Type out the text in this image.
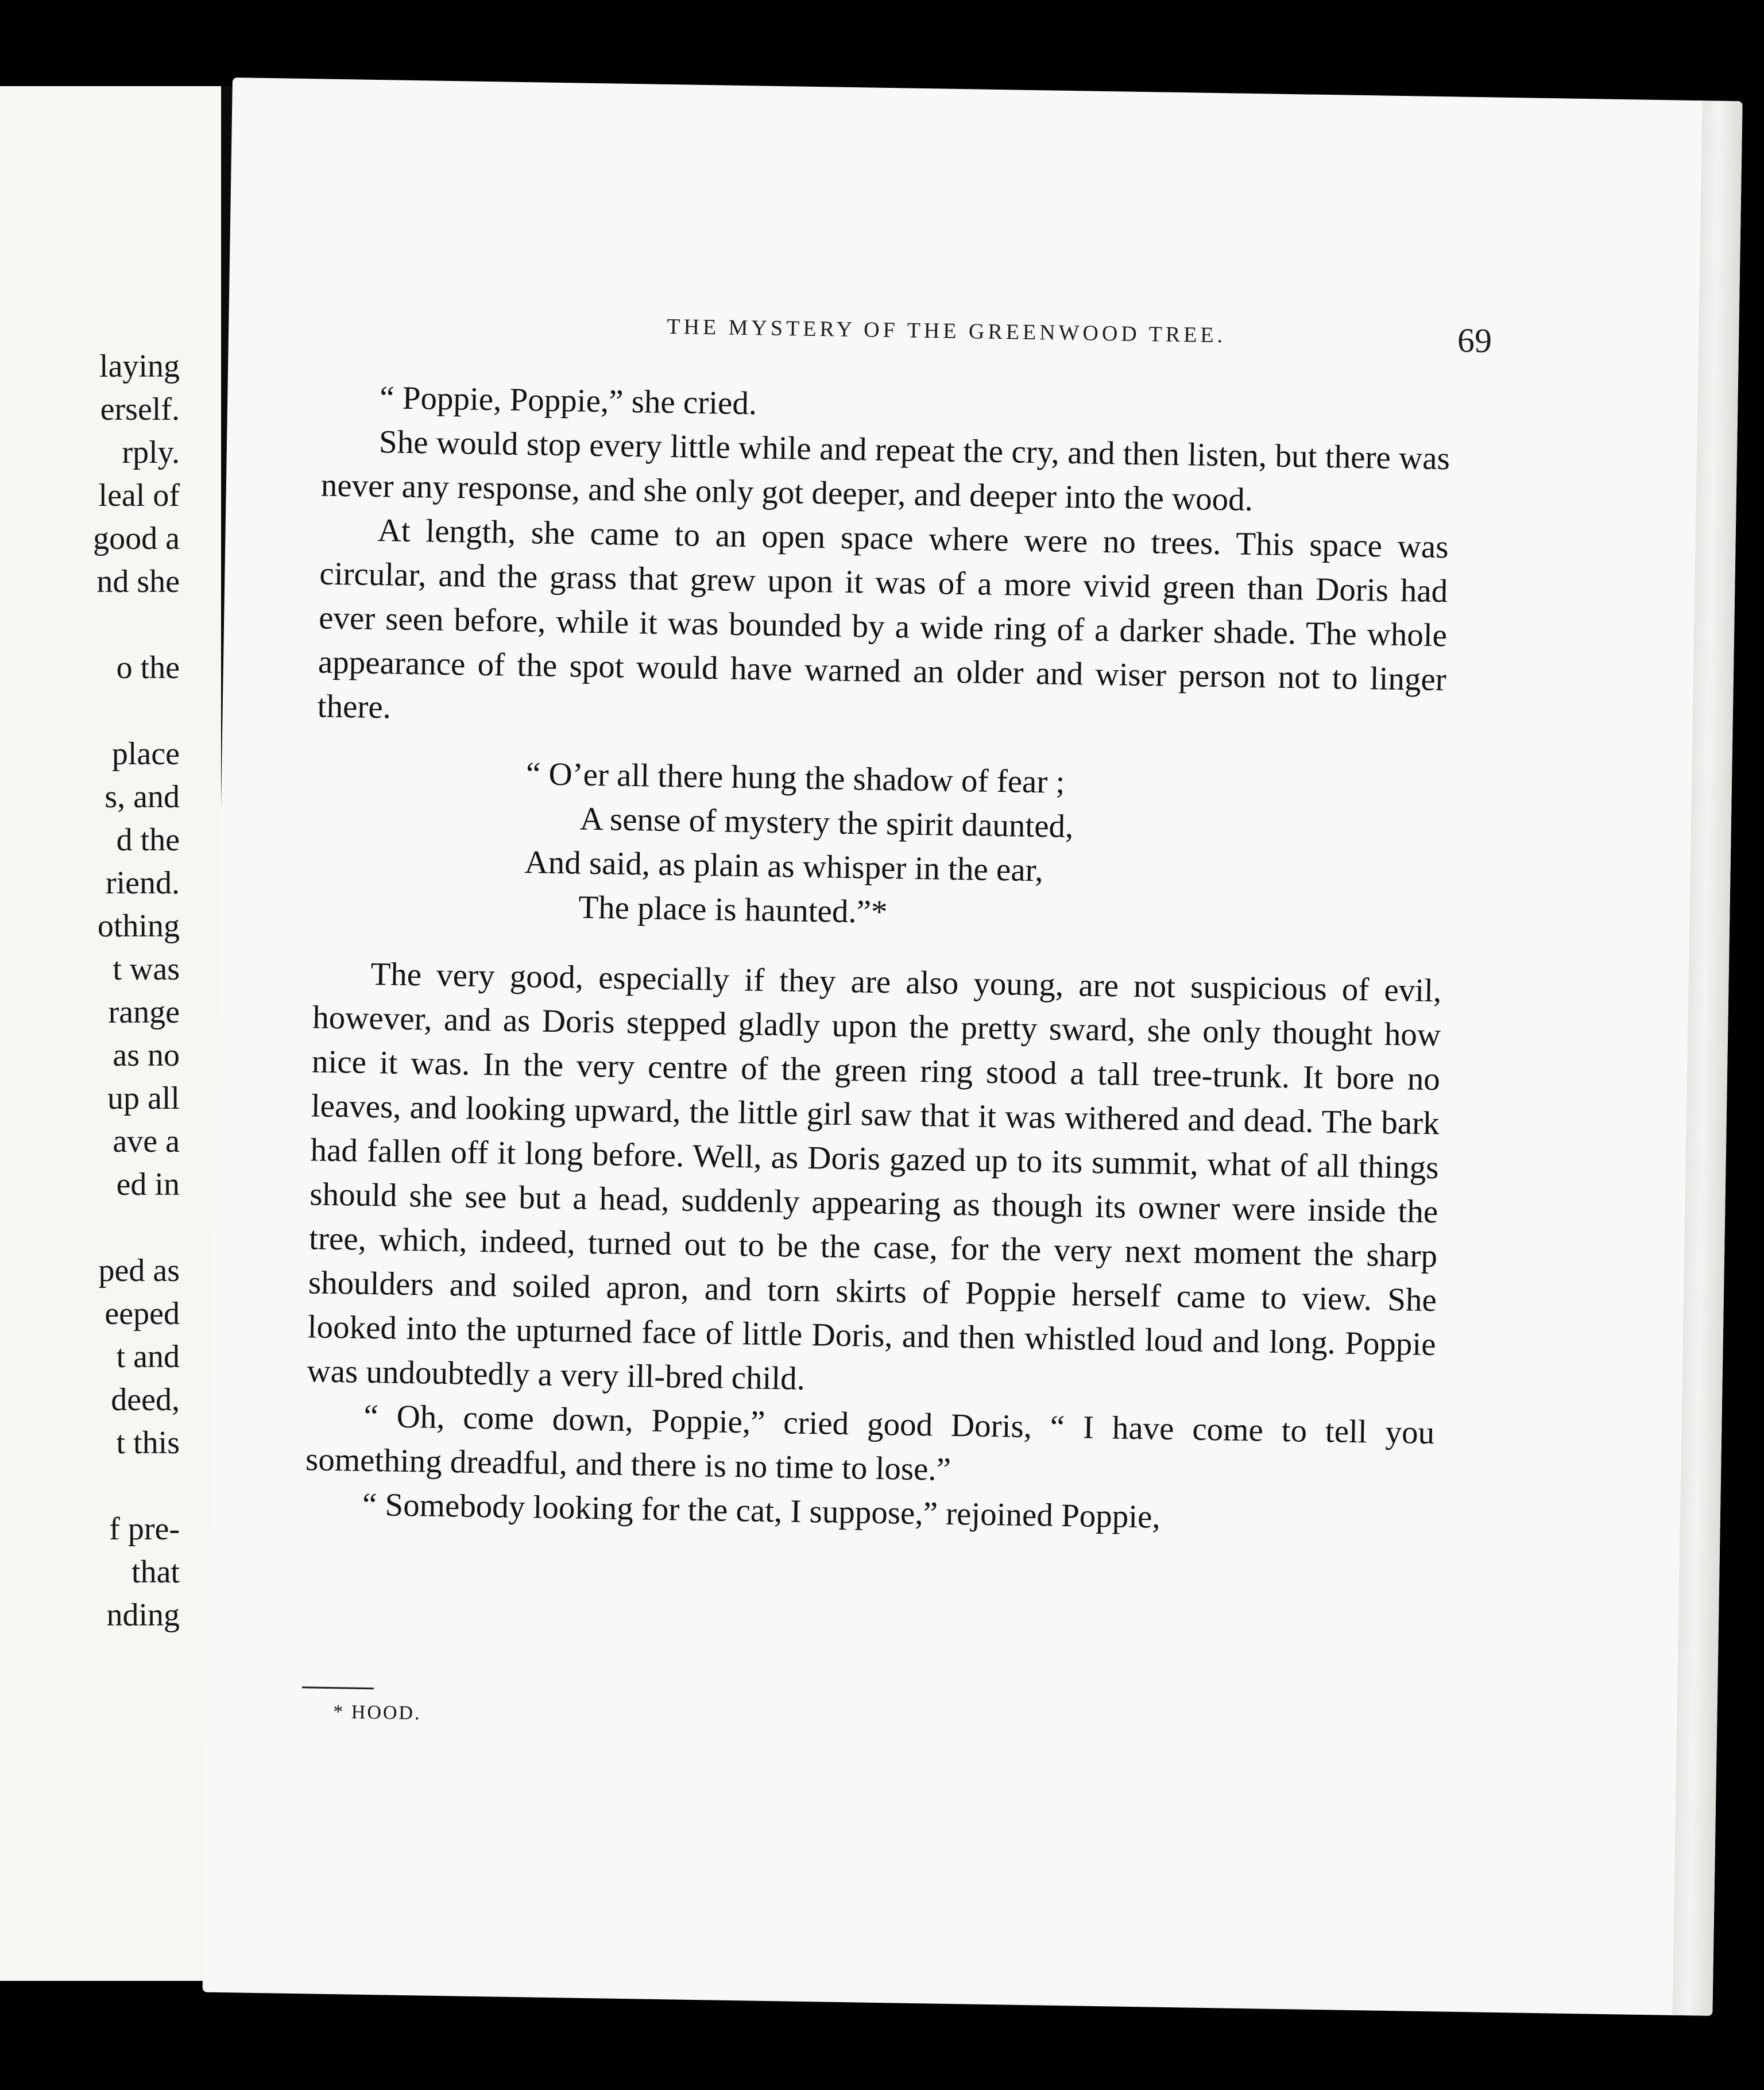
laying
erself.
rply.
leal of
good a
nd she
o the
place
s, and
d the
riend.
othing
t was
range
as no
up all
ave a
ed in
ped as
eeped
t and
deed,
t this
f pre-
that
nding
THE MYSTERY OF THE GREENWOOD TREE.	69

“ Poppie, Poppie,” she cried.

She would stop every little while and repeat the cry, and then listen, but there was never any response, and she only got deeper, and deeper into the wood.

At length, she came to an open space where were no trees. This space was circular, and the grass that grew upon it was of a more vivid green than Doris had ever seen before, while it was bounded by a wide ring of a darker shade. The whole appearance of the spot would have warned an older and wiser person not to linger there.

“ O’er all there hung the shadow of fear ;
A sense of mystery the spirit daunted,
And said, as plain as whisper in the ear,
The place is haunted.”*

The very good, especially if they are also young, are not suspicious of evil, however, and as Doris stepped gladly upon the pretty sward, she only thought how nice it was. In the very centre of the green ring stood a tall tree-trunk. It bore no leaves, and looking upward, the little girl saw that it was withered and dead. The bark had fallen off it long before. Well, as Doris gazed up to its summit, what of all things should she see but a head, suddenly appearing as though its owner were inside the tree, which, indeed, turned out to be the case, for the very next moment the sharp shoulders and soiled apron, and torn skirts of Poppie herself came to view. She looked into the upturned face of little Doris, and then whistled loud and long. Poppie was undoubtedly a very ill-bred child.

“ Oh, come down, Poppie,” cried good Doris, “ I have come to tell you something dreadful, and there is no time to lose.”

“ Somebody looking for the cat, I suppose,” rejoined Poppie,

* HOOD.
